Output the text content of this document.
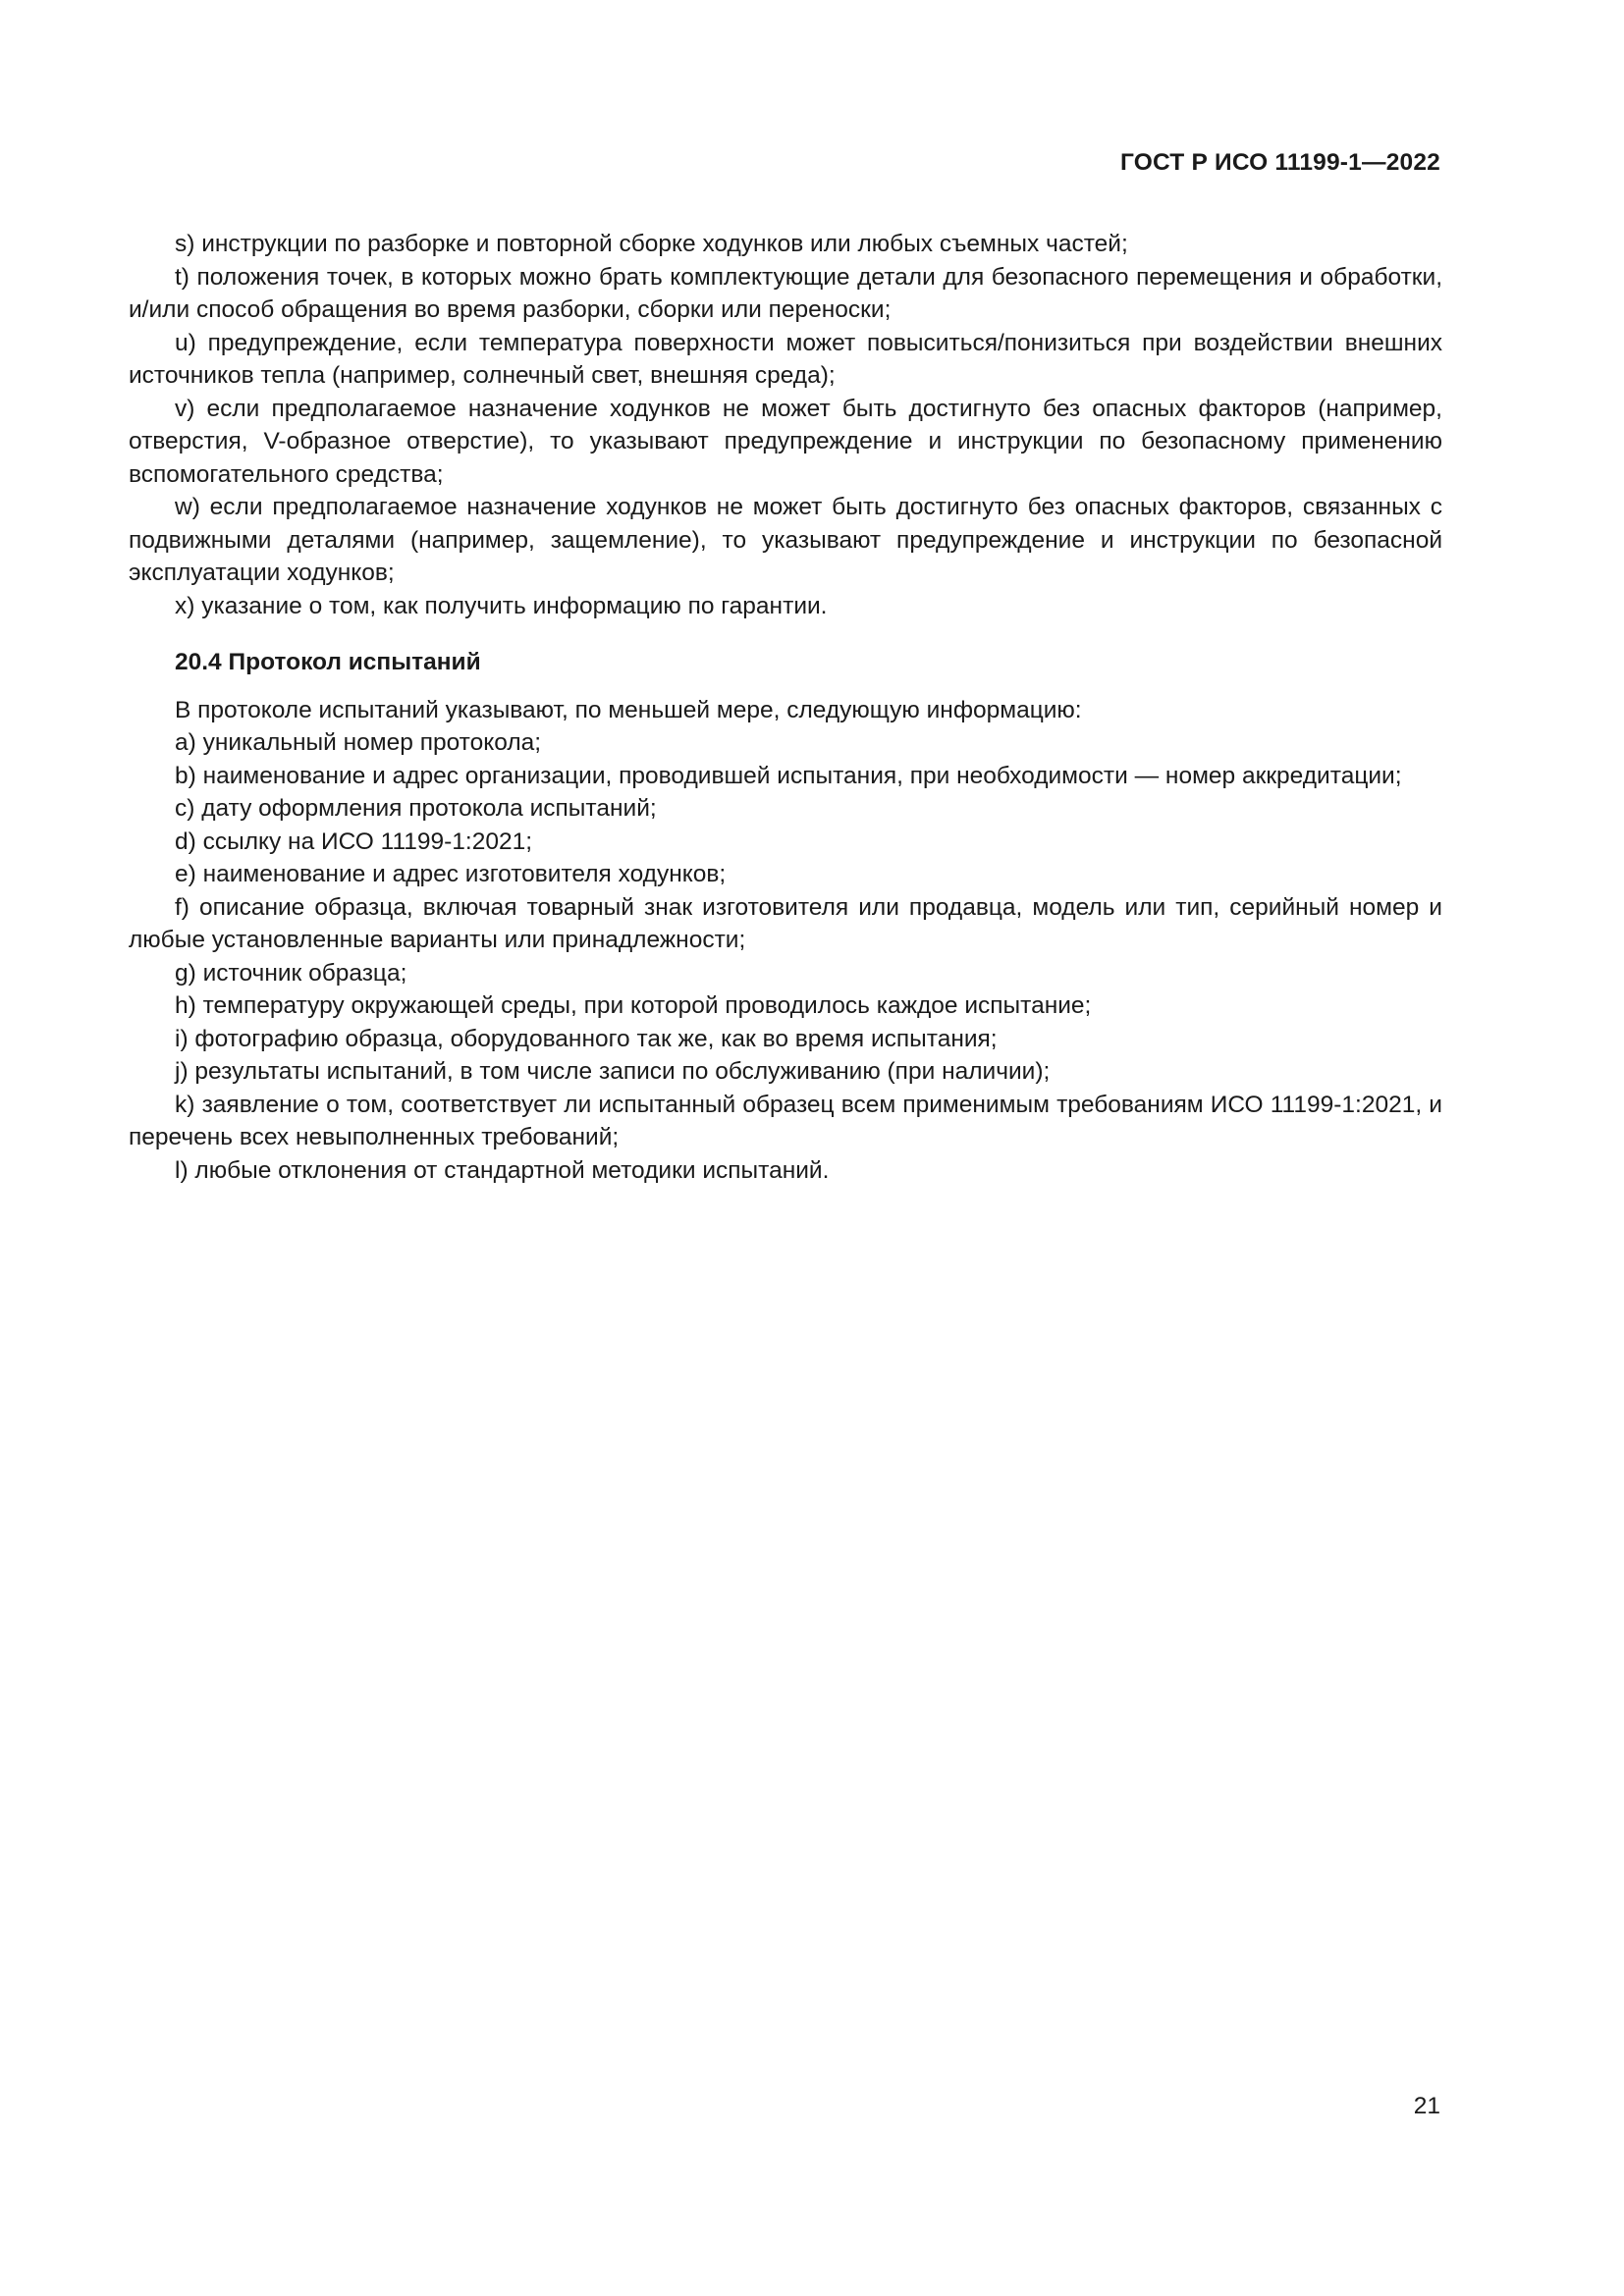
ГОСТ Р ИСО 11199-1—2022

s) инструкции по разборке и повторной сборке ходунков или любых съемных частей;

t) положения точек, в которых можно брать комплектующие детали для безопасного перемещения и обработки, и/или способ обращения во время разборки, сборки или переноски;

u) предупреждение, если температура поверхности может повыситься/понизиться при воздействии внешних источников тепла (например, солнечный свет, внешняя среда);

v) если предполагаемое назначение ходунков не может быть достигнуто без опасных факторов (например, отверстия, V-образное отверстие), то указывают предупреждение и инструкции по безопасному применению вспомогательного средства;

w) если предполагаемое назначение ходунков не может быть достигнуто без опасных факторов, связанных с подвижными деталями (например, защемление), то указывают предупреждение и инструкции по безопасной эксплуатации ходунков;

x) указание о том, как получить информацию по гарантии.

20.4 Протокол испытаний

В протоколе испытаний указывают, по меньшей мере, следующую информацию:

a) уникальный номер протокола;

b) наименование и адрес организации, проводившей испытания, при необходимости — номер аккредитации;

c) дату оформления протокола испытаний;

d) ссылку на ИСО 11199-1:2021;

e) наименование и адрес изготовителя ходунков;

f) описание образца, включая товарный знак изготовителя или продавца, модель или тип, серийный номер и любые установленные варианты или принадлежности;

g) источник образца;

h) температуру окружающей среды, при которой проводилось каждое испытание;

i) фотографию образца, оборудованного так же, как во время испытания;

j) результаты испытаний, в том числе записи по обслуживанию (при наличии);

k) заявление о том, соответствует ли испытанный образец всем применимым требованиям ИСО 11199-1:2021, и перечень всех невыполненных требований;

l) любые отклонения от стандартной методики испытаний.

21
